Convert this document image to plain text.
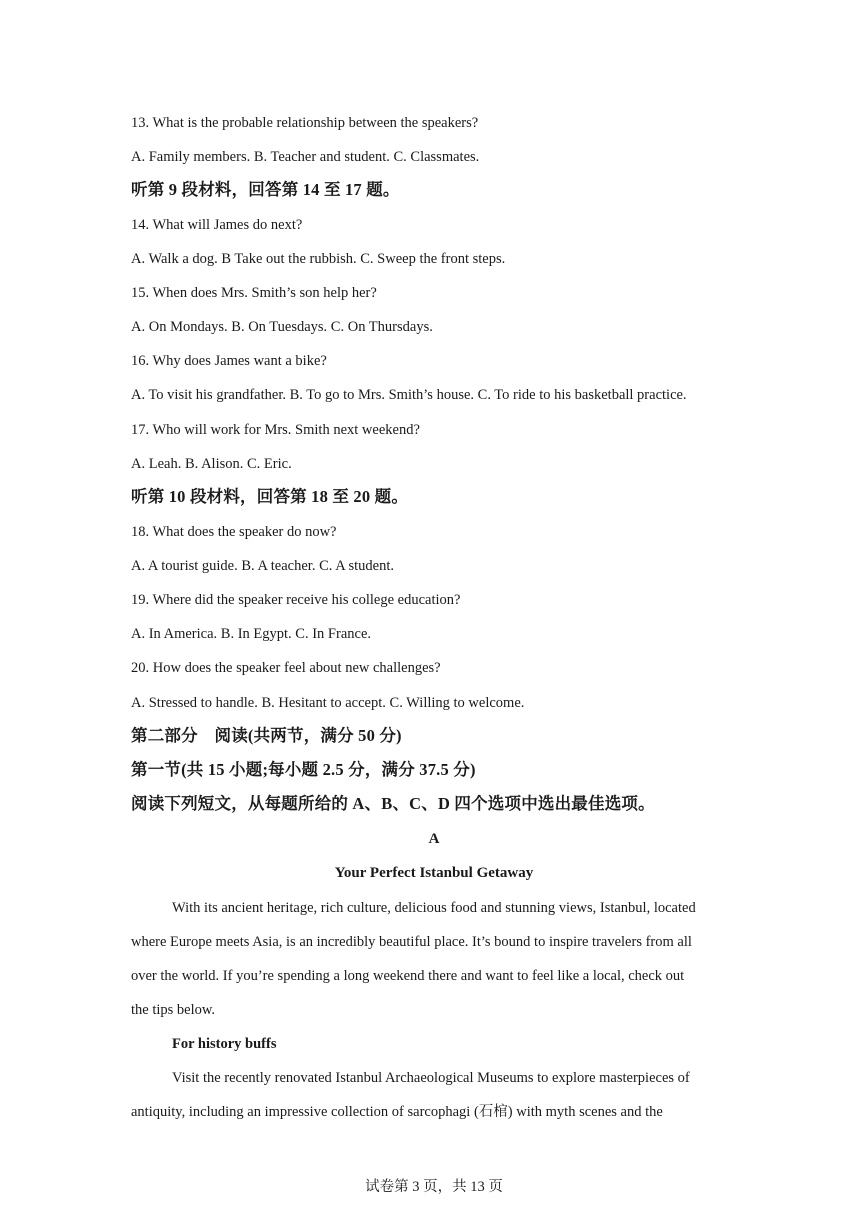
13. What is the probable relationship between the speakers?
A. Family members. B. Teacher and student. C. Classmates.
听第 9 段材料，回答第 14 至 17 题。
14. What will James do next?
A. Walk a dog. B Take out the rubbish. C. Sweep the front steps.
15. When does Mrs. Smith’s son help her?
A. On Mondays. B. On Tuesdays. C. On Thursdays.
16. Why does James want a bike?
A. To visit his grandfather. B. To go to Mrs. Smith’s house. C. To ride to his basketball practice.
17. Who will work for Mrs. Smith next weekend?
A. Leah. B. Alison. C. Eric.
听第 10 段材料，回答第 18 至 20 题。
18. What does the speaker do now?
A. A tourist guide. B. A teacher. C. A student.
19. Where did the speaker receive his college education?
A. In America. B. In Egypt. C. In France.
20. How does the speaker feel about new challenges?
A. Stressed to handle. B. Hesitant to accept. C. Willing to welcome.
第二部分　阅读(共两节，满分 50 分)
第一节(共 15 小题;每小题 2.5 分，满分 37.5 分)
阅读下列短文，从每题所给的 A、B、C、D 四个选项中选出最佳选项。
A
Your Perfect Istanbul Getaway
With its ancient heritage, rich culture, delicious food and stunning views, Istanbul, located
where Europe meets Asia, is an incredibly beautiful place. It’s bound to inspire travelers from all
over the world. If you’re spending a long weekend there and want to feel like a local, check out
the tips below.
For history buffs
Visit the recently renovated Istanbul Archaeological Museums to explore masterpieces of
antiquity, including an impressive collection of sarcophagi (石棺) with myth scenes and the
试卷第 3 页，共 13 页
